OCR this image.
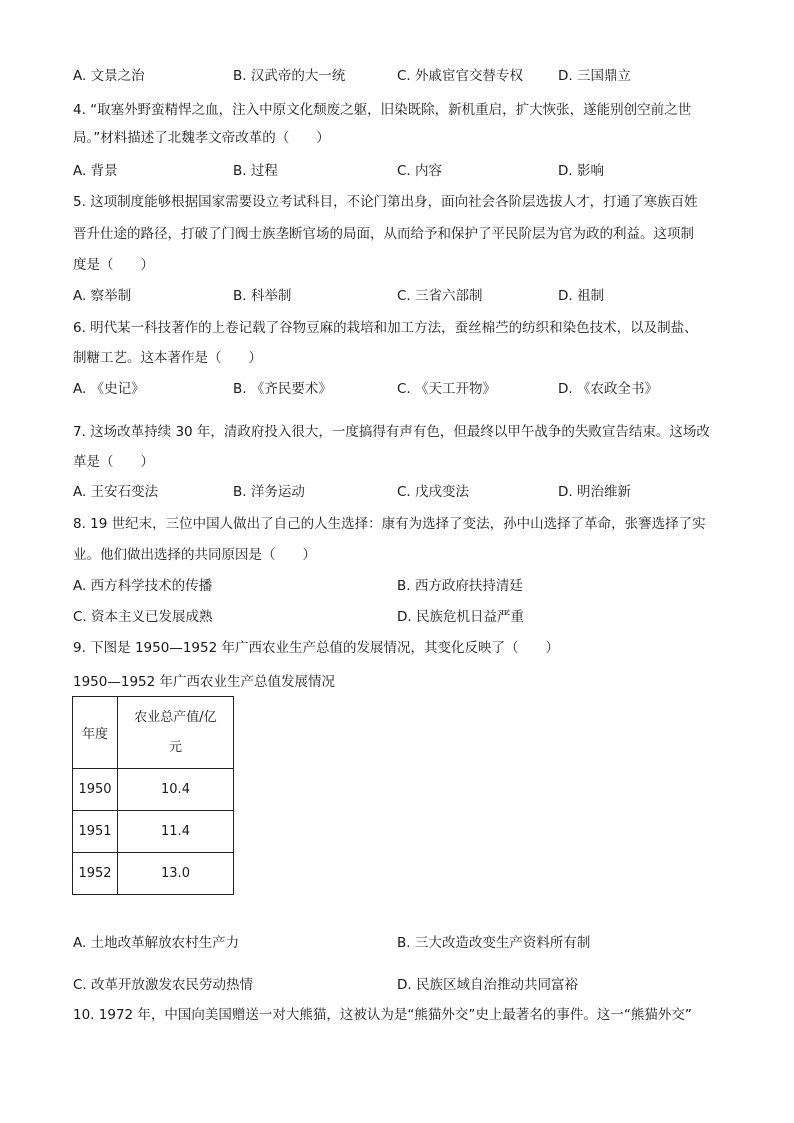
A. 文景之治	B. 汉武帝的大一统	C. 外戚宦官交替专权	D. 三国鼎立
4. “取塞外野蛮精悍之血，注入中原文化颓废之躯，旧染既除，新机重启，扩大恢张，遂能别创空前之世
局。”材料描述了北魏孝文帝改革的（　　）
A. 背景	B. 过程	C. 内容	D. 影响
5. 这项制度能够根据国家需要设立考试科目，不论门第出身，面向社会各阶层选拔人才，打通了寒族百姓
晋升仕途的路径，打破了门阀士族垄断官场的局面，从而给予和保护了平民阶层为官为政的利益。这项制
度是（　　）
A. 察举制	B. 科举制	C. 三省六部制	D. 祖制
6. 明代某一科技著作的上卷记载了谷物豆麻的栽培和加工方法，蚕丝棉苎的纺织和染色技术，以及制盐、
制糖工艺。这本著作是（　　）
A. 《史记》	B. 《齐民要术》	C. 《天工开物》	D. 《农政全书》
7. 这场改革持续 30 年，清政府投入很大，一度搞得有声有色，但最终以甲午战争的失败宣告结束。这场改
革是（　　）
A. 王安石变法	B. 洋务运动	C. 戊戌变法	D. 明治维新
8. 19 世纪末，三位中国人做出了自己的人生选择：康有为选择了变法，孙中山选择了革命，张謇选择了实
业。他们做出选择的共同原因是（　　）
A. 西方科学技术的传播	B. 西方政府扶持清廷
C. 资本主义已发展成熟	D. 民族危机日益严重
9. 下图是 1950—1952 年广西农业生产总值的发展情况，其变化反映了（　　）
1950—1952 年广西农业生产总值发展情况
年度	农业总产值/亿
元

1950	10.4
1951	11.4
1952	13.0
A. 土地改革解放农村生产力	B. 三大改造改变生产资料所有制
C. 改革开放激发农民劳动热情	D. 民族区域自治推动共同富裕
10. 1972 年，中国向美国赠送一对大熊猫，这被认为是“熊猫外交”史上最著名的事件。这一“熊猫外交”
